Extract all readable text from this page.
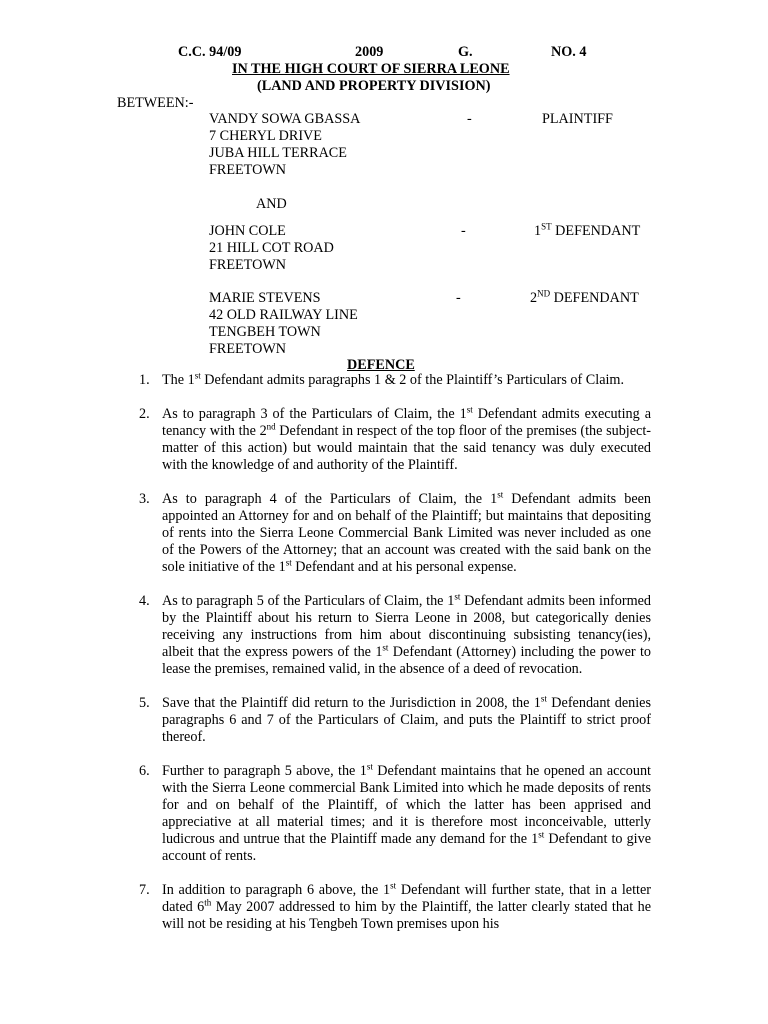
C.C. 94/09	2009	G.	NO. 4
IN THE HIGH COURT OF SIERRA LEONE
(LAND AND PROPERTY DIVISION)
BETWEEN:-
VANDY SOWA GBASSA
7 CHERYL DRIVE
JUBA HILL TERRACE
FREETOWN
-	PLAINTIFF
AND
JOHN COLE
21 HILL COT ROAD
FREETOWN
-	1ST DEFENDANT
MARIE STEVENS
42 OLD RAILWAY LINE
TENGBEH TOWN
FREETOWN
-	2ND DEFENDANT
DEFENCE
1. The 1st Defendant admits paragraphs 1 & 2 of the Plaintiff’s Particulars of Claim.
2. As to paragraph 3 of the Particulars of Claim, the 1st Defendant admits executing a tenancy with the 2nd Defendant in respect of the top floor of the premises (the subject-matter of this action) but would maintain that the said tenancy was duly executed with the knowledge of and authority of the Plaintiff.
3. As to paragraph 4 of the Particulars of Claim, the 1st Defendant admits been appointed an Attorney for and on behalf of the Plaintiff; but maintains that depositing of rents into the Sierra Leone Commercial Bank Limited was never included as one of the Powers of the Attorney; that an account was created with the said bank on the sole initiative of the 1st Defendant and at his personal expense.
4. As to paragraph 5 of the Particulars of Claim, the 1st Defendant admits been informed by the Plaintiff about his return to Sierra Leone in 2008, but categorically denies receiving any instructions from him about discontinuing subsisting tenancy(ies), albeit that the express powers of the 1st Defendant (Attorney) including the power to lease the premises, remained valid, in the absence of a deed of revocation.
5. Save that the Plaintiff did return to the Jurisdiction in 2008, the 1st Defendant denies paragraphs 6 and 7 of the Particulars of Claim, and puts the Plaintiff to strict proof thereof.
6. Further to paragraph 5 above, the 1st Defendant maintains that he opened an account with the Sierra Leone commercial Bank Limited into which he made deposits of rents for and on behalf of the Plaintiff, of which the latter has been apprised and appreciative at all material times; and it is therefore most inconceivable, utterly ludicrous and untrue that the Plaintiff made any demand for the 1st Defendant to give account of rents.
7. In addition to paragraph 6 above, the 1st Defendant will further state, that in a letter dated 6th May 2007 addressed to him by the Plaintiff, the latter clearly stated that he will not be residing at his Tengbeh Town premises upon his
